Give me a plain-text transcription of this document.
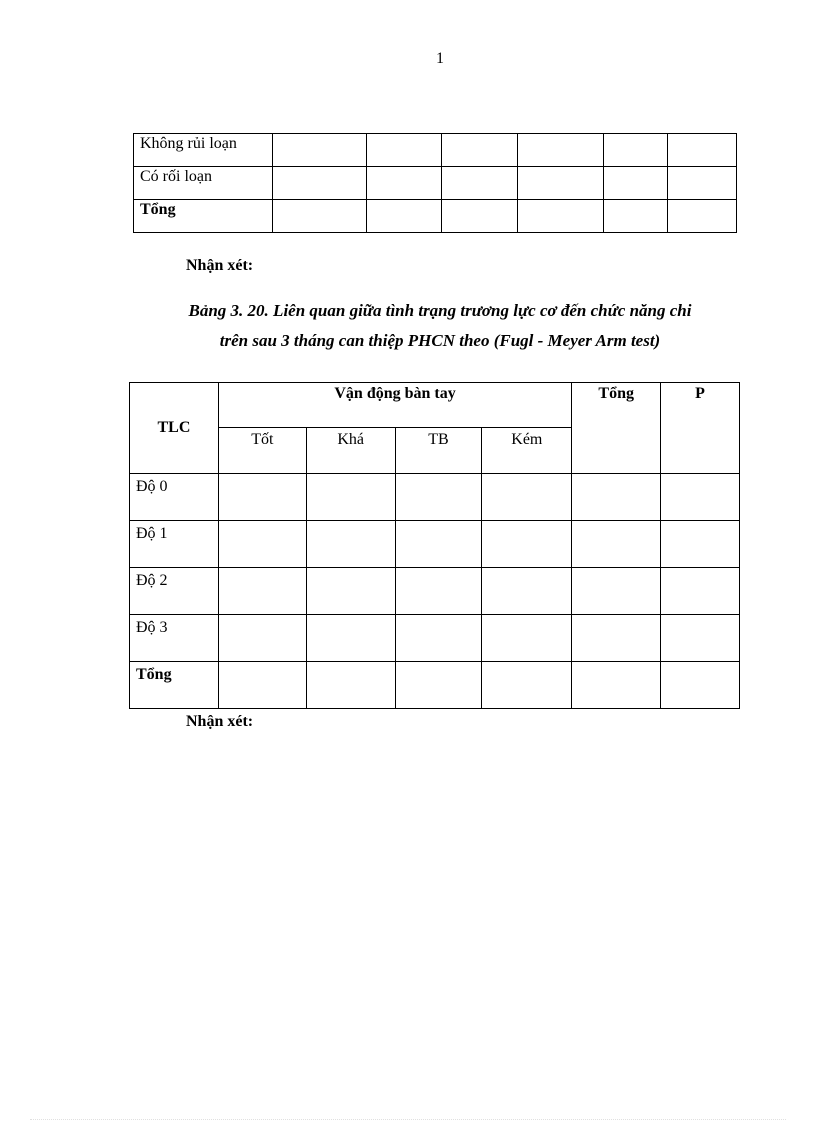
1
Không rủi loạn						
Có rối loạn						
Tổng						
Nhận xét:
Bảng 3. 20. Liên quan giữa tình trạng trương lực cơ đến chức năng chi
trên sau 3 tháng can thiệp PHCN theo (Fugl - Meyer Arm test)
TLC	Vận động bàn tay				Tổng	P
	Tốt	Khá	TB	Kém		
Độ 0						
Độ 1						
Độ 2						
Độ 3						
Tổng						
Nhận xét:
